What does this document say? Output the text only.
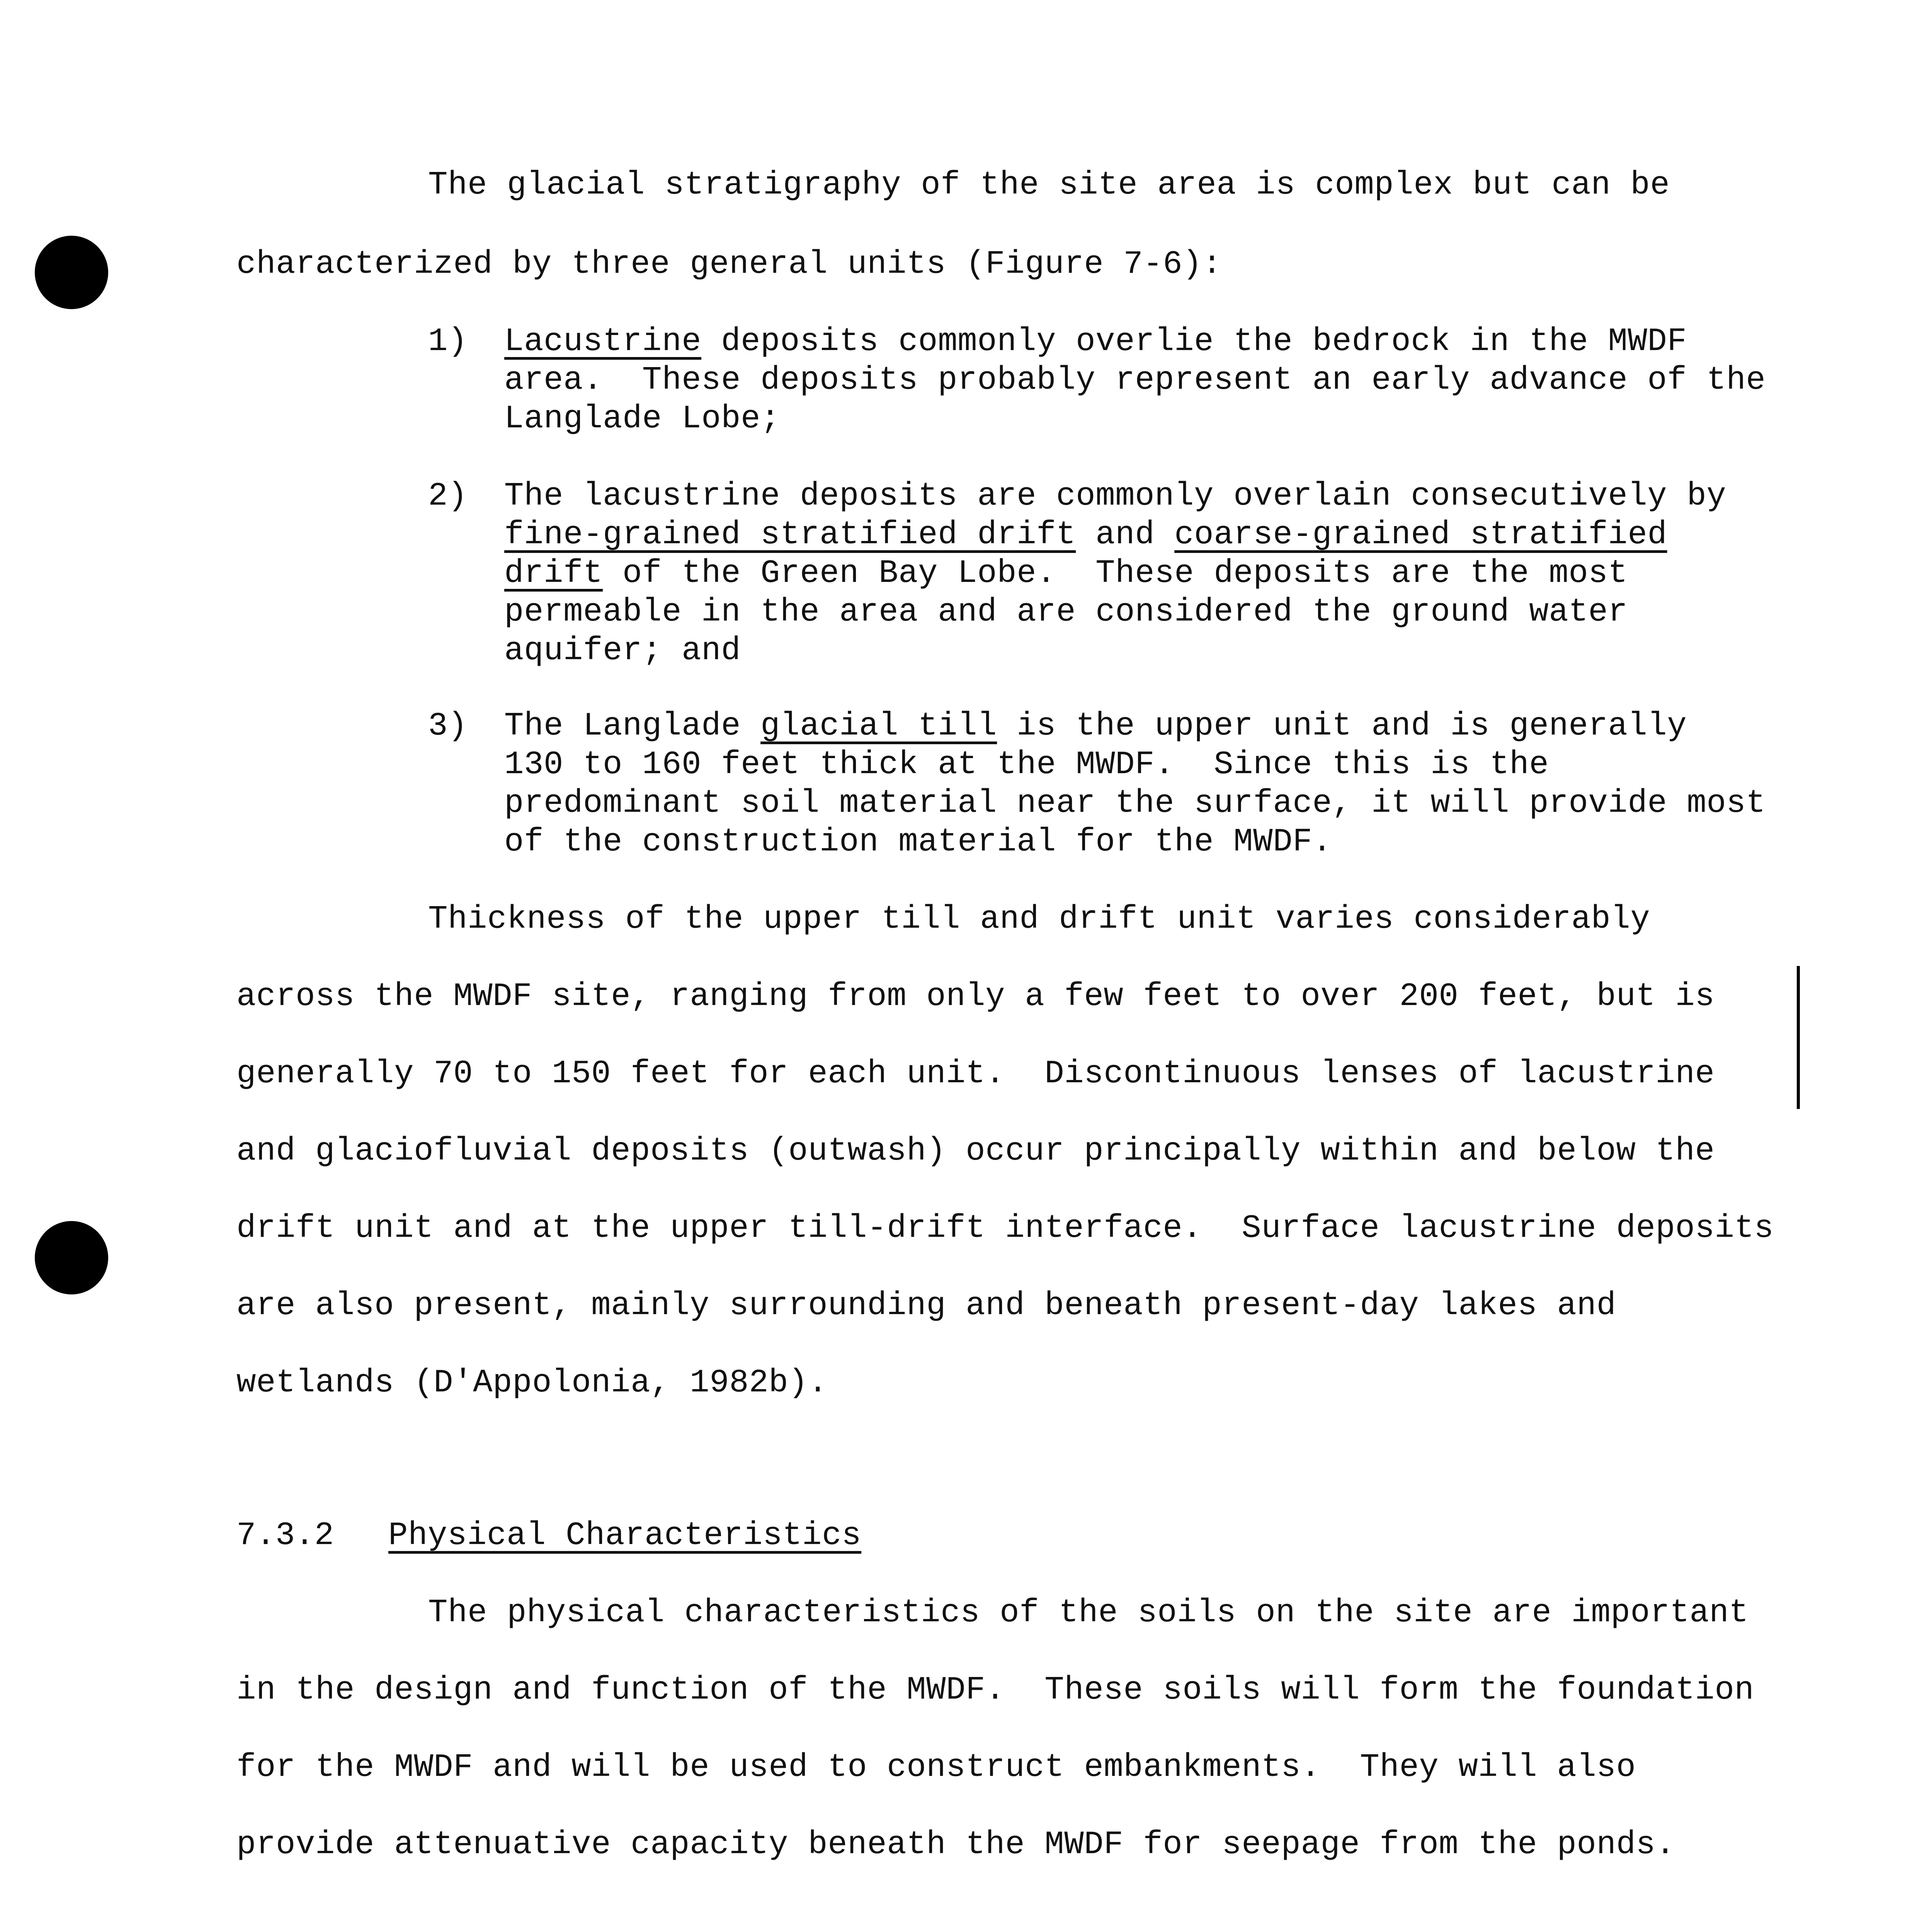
The glacial stratigraphy of the site area is complex but can be
characterized by three general units (Figure 7-6):
1) Lacustrine deposits commonly overlie the bedrock in the MWDF
area.  These deposits probably represent an early advance of the
Langlade Lobe;
2) The lacustrine deposits are commonly overlain consecutively by
fine-grained stratified drift and coarse-grained stratified
drift of the Green Bay Lobe.  These deposits are the most
permeable in the area and are considered the ground water
aquifer; and
3) The Langlade glacial till is the upper unit and is generally
130 to 160 feet thick at the MWDF.  Since this is the
predominant soil material near the surface, it will provide most
of the construction material for the MWDF.
Thickness of the upper till and drift unit varies considerably
across the MWDF site, ranging from only a few feet to over 200 feet, but is
generally 70 to 150 feet for each unit.  Discontinuous lenses of lacustrine
and glaciofluvial deposits (outwash) occur principally within and below the
drift unit and at the upper till-drift interface.  Surface lacustrine deposits
are also present, mainly surrounding and beneath present-day lakes and
wetlands (D'Appolonia, 1982b).
7.3.2 Physical Characteristics
The physical characteristics of the soils on the site are important
in the design and function of the MWDF.  These soils will form the foundation
for the MWDF and will be used to construct embankments.  They will also
provide attenuative capacity beneath the MWDF for seepage from the ponds.
